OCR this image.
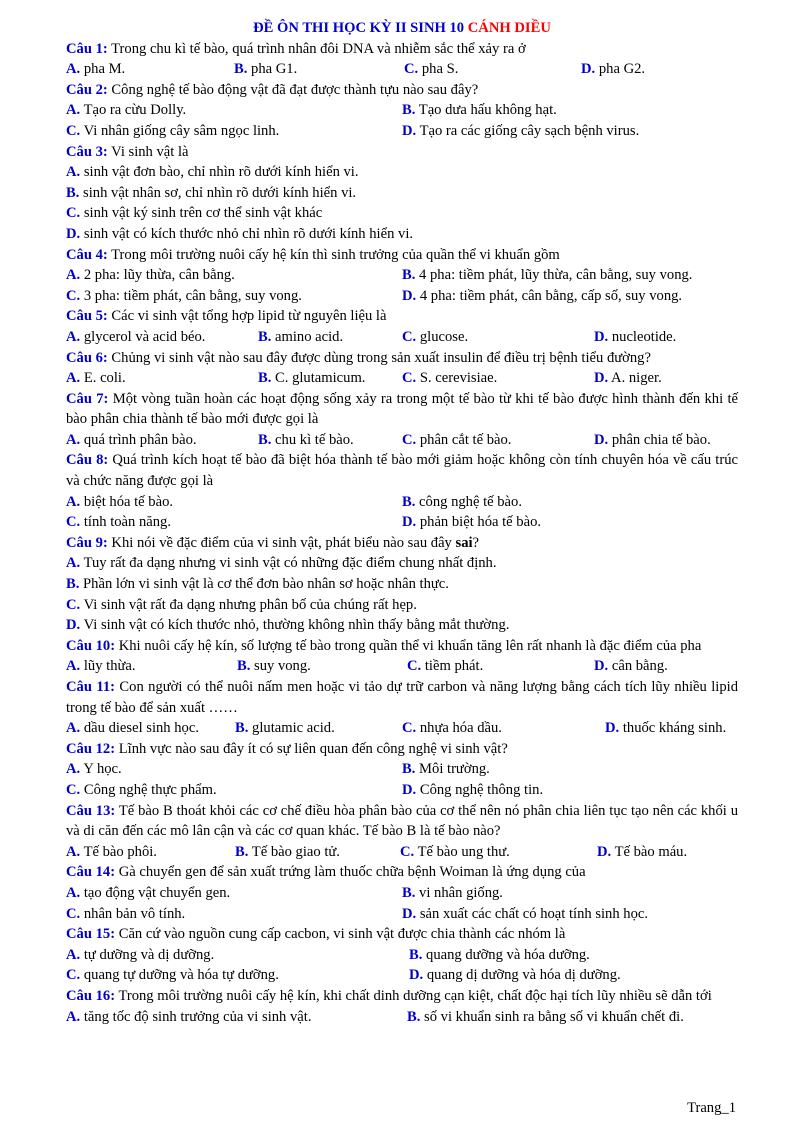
ĐỀ ÔN THI HỌC KỲ II SINH 10 CÁNH DIỀU
Câu 1: Trong chu kì tế bào, quá trình nhân đôi DNA và nhiễm sắc thể xảy ra ở
A. pha M.	B. pha G1.	C. pha S.	D. pha G2.
Câu 2: Công nghệ tế bào động vật đã đạt được thành tựu nào sau đây?
A. Tạo ra cừu Dolly.	B. Tạo dưa hấu không hạt.
C. Vi nhân giống cây sâm ngọc linh.	D. Tạo ra các giống cây sạch bệnh virus.
Câu 3: Vi sinh vật là
A. sinh vật đơn bào, chỉ nhìn rõ dưới kính hiển vi.
B. sinh vật nhân sơ, chỉ nhìn rõ dưới kính hiển vi.
C. sinh vật ký sinh trên cơ thể sinh vật khác
D. sinh vật có kích thước nhỏ chỉ nhìn rõ dưới kính hiển vi.
Câu 4: Trong môi trường nuôi cấy hệ kín thì sinh trưởng của quần thể vi khuẩn gồm
A. 2 pha: lũy thừa, cân bằng.	B. 4 pha: tiềm phát, lũy thừa, cân bằng, suy vong.
C. 3 pha: tiềm phát, cân bằng, suy vong.	D. 4 pha: tiềm phát, cân bằng, cấp số, suy vong.
Câu 5: Các vi sinh vật tổng hợp lipid từ nguyên liệu là
A. glycerol và acid béo.	B. amino acid.	C. glucose.	D. nucleotide.
Câu 6: Chủng vi sinh vật nào sau đây được dùng trong sản xuất insulin để điều trị bệnh tiểu đường?
A. E. coli.	B. C. glutamicum.	C. S. cerevisiae.	D. A. niger.
Câu 7: Một vòng tuần hoàn các hoạt động sống xảy ra trong một tế bào từ khi tế bào được hình thành đến khi tế bào phân chia thành tế bào mới được gọi là
A. quá trình phân bào.	B. chu kì tế bào.	C. phân cắt tế bào.	D. phân chia tế bào.
Câu 8: Quá trình kích hoạt tế bào đã biệt hóa thành tế bào mới giảm hoặc không còn tính chuyên hóa về cấu trúc và chức năng được gọi là
A. biệt hóa tế bào.	B. công nghệ tế bào.
C. tính toàn năng.	D. phản biệt hóa tế bào.
Câu 9: Khi nói về đặc điểm của vi sinh vật, phát biểu nào sau đây sai?
A. Tuy rất đa dạng nhưng vi sinh vật có những đặc điểm chung nhất định.
B. Phần lớn vi sinh vật là cơ thể đơn bào nhân sơ hoặc nhân thực.
C. Vi sinh vật rất đa dạng nhưng phân bố của chúng rất hẹp.
D. Vi sinh vật có kích thước nhỏ, thường không nhìn thấy bằng mắt thường.
Câu 10: Khi nuôi cấy hệ kín, số lượng tế bào trong quần thể vi khuẩn tăng lên rất nhanh là đặc điểm của pha
A. lũy thừa.	B. suy vong.	C. tiềm phát.	D. cân bằng.
Câu 11: Con người có thể nuôi nấm men hoặc vi tảo dự trữ carbon và năng lượng bằng cách tích lũy nhiều lipid trong tế bào để sản xuất ……
A. dầu diesel sinh học. B. glutamic acid.	C. nhựa hóa dầu.	D. thuốc kháng sinh.
Câu 12: Lĩnh vực nào sau đây ít có sự liên quan đến công nghệ vi sinh vật?
A. Y học.	B. Môi trường.
C. Công nghệ thực phẩm.	D. Công nghệ thông tin.
Câu 13: Tế bào B thoát khỏi các cơ chế điều hòa phân bào của cơ thể nên nó phân chia liên tục tạo nên các khối u và di căn đến các mô lân cận và các cơ quan khác. Tế bào B là tế bào nào?
A. Tế bào phôi.	B. Tế bào giao tử.	C. Tế bào ung thư.	D. Tế bào máu.
Câu 14: Gà chuyển gen để sản xuất trứng làm thuốc chữa bệnh Woiman là ứng dụng của
A. tạo động vật chuyển gen.	B. vi nhân giống.
C. nhân bản vô tính.	D. sản xuất các chất có hoạt tính sinh học.
Câu 15: Căn cứ vào nguồn cung cấp cacbon, vi sinh vật được chia thành các nhóm là
A. tự dưỡng và dị dưỡng.	B. quang dưỡng và hóa dưỡng.
C. quang tự dưỡng và hóa tự dưỡng.	D. quang dị dưỡng và hóa dị dưỡng.
Câu 16: Trong môi trường nuôi cấy hệ kín, khi chất dinh dưỡng cạn kiệt, chất độc hại tích lũy nhiều sẽ dẫn tới
A. tăng tốc độ sinh trưởng của vi sinh vật.	B. số vi khuẩn sinh ra bằng số vi khuẩn chết đi.
Trang_1
